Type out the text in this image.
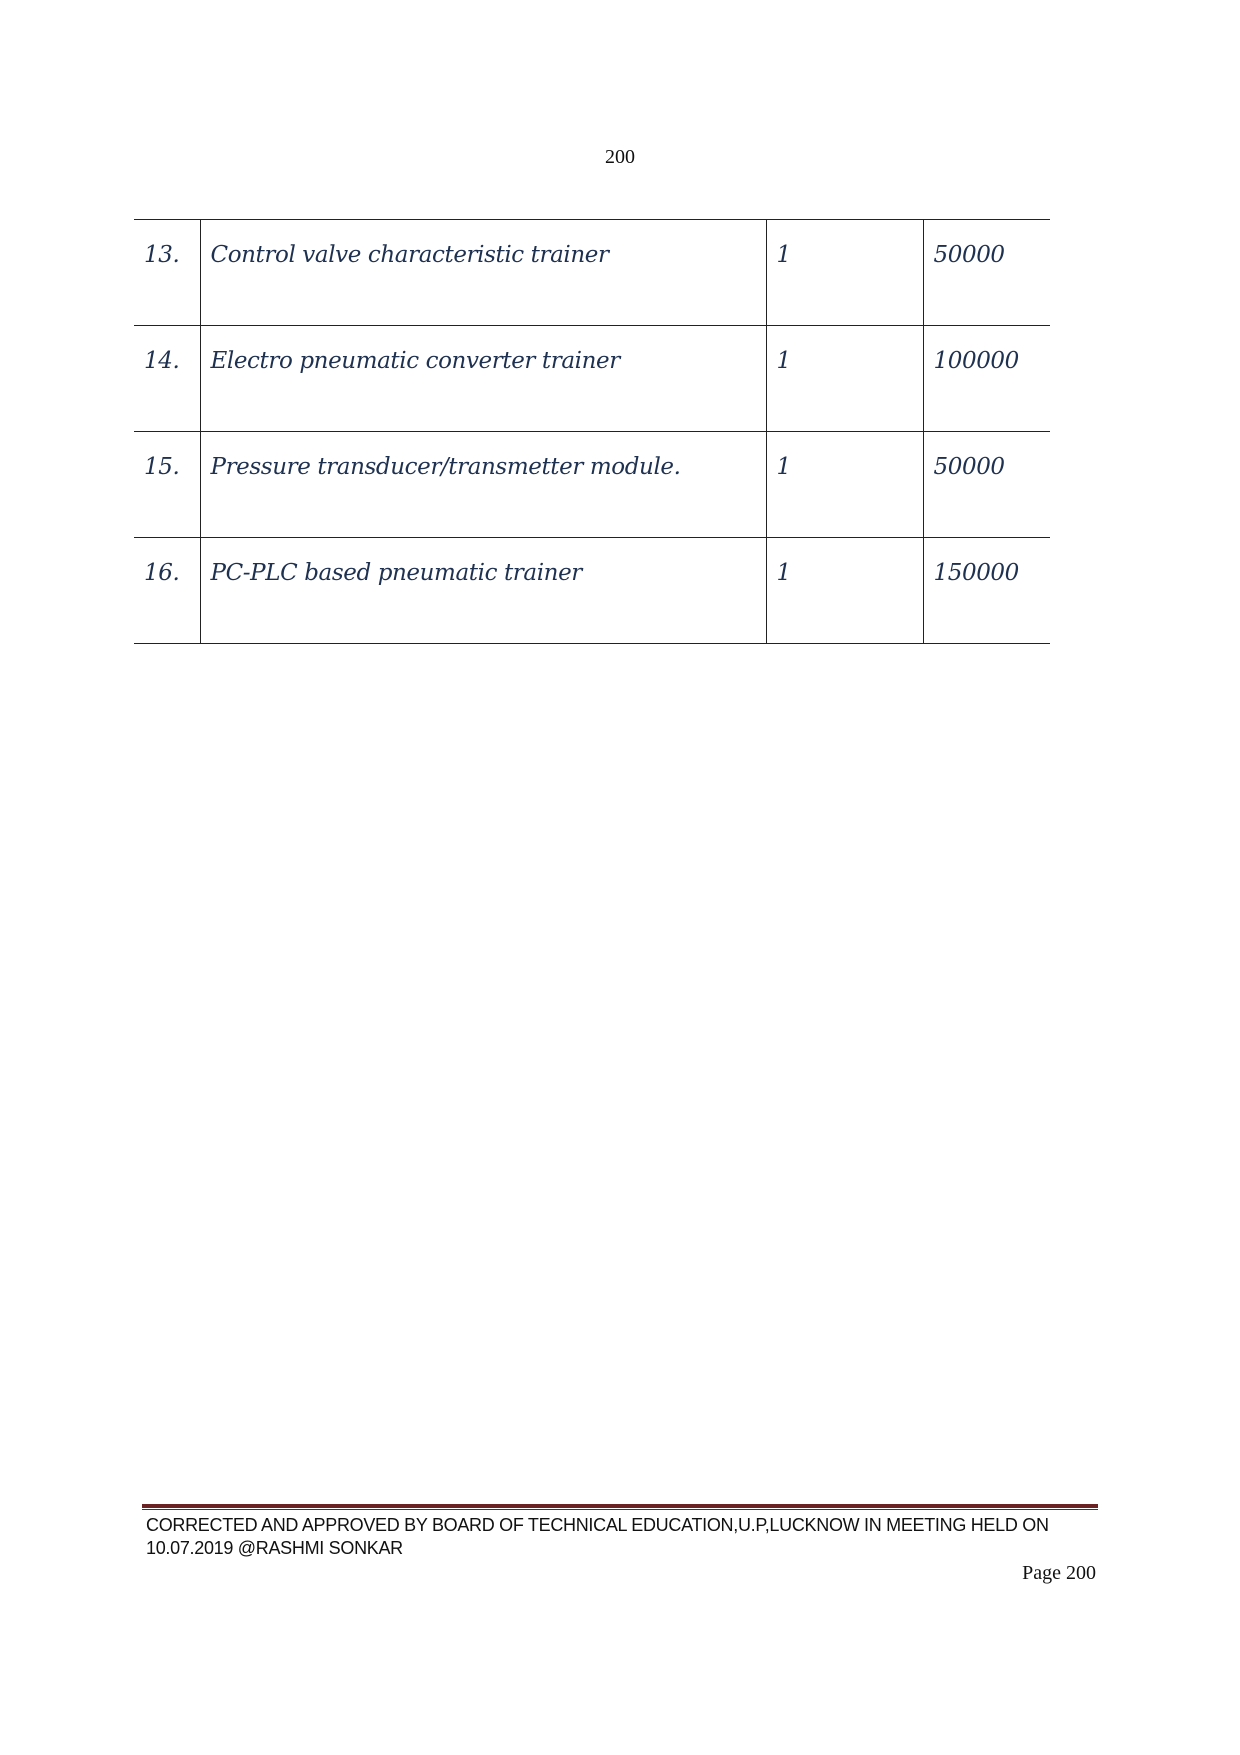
200
13.	Control valve characteristic trainer	1	50000
14.	Electro pneumatic converter trainer	1	100000
15.	Pressure transducer/transmetter module.	1	50000
16.	PC-PLC based pneumatic trainer	1	150000
CORRECTED AND APPROVED BY BOARD OF TECHNICAL EDUCATION,U.P,LUCKNOW IN MEETING HELD ON
10.07.2019 @RASHMI SONKAR
Page 200
